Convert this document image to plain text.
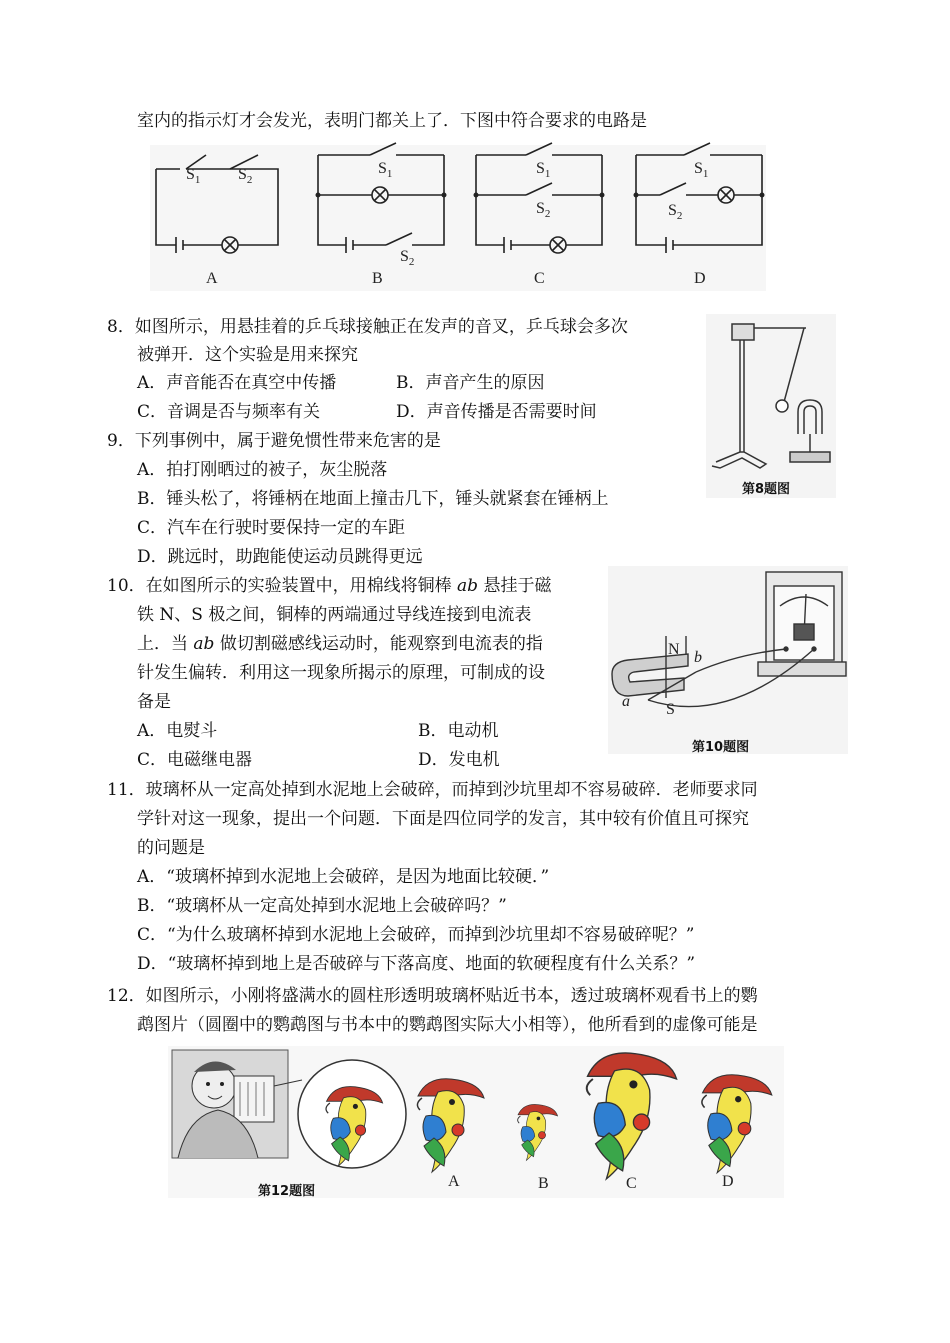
室内的指示灯才会发光，表明门都关上了．下图中符合要求的电路是
$S_1$ $S_2$
$S_1$
$S_2$
$S_1$
$S_2$
$S_1$
$S_2$
A	B	C	D
8．如图所示，用悬挂着的乒乓球接触正在发声的音叉，乒乓球会多次
被弹开．这个实验是用来探究
A．声音能否在真空中传播	B．声音产生的原因
C．音调是否与频率有关	D．声音传播是否需要时间
第8题图
9．下列事例中，属于避免惯性带来危害的是
A．拍打刚晒过的被子，灰尘脱落
B．锤头松了，将锤柄在地面上撞击几下，锤头就紧套在锤柄上
C．汽车在行驶时要保持一定的车距
D．跳远时，助跑能使运动员跳得更远
10．在如图所示的实验装置中，用棉线将铜棒 ab 悬挂于磁
铁 N、S 极之间，铜棒的两端通过导线连接到电流表
上．当 ab 做切割磁感线运动时，能观察到电流表的指
针发生偏转．利用这一现象所揭示的原理，可制成的设
备是
A．电熨斗	B．电动机
C．电磁继电器	D．发电机
N
S
a
b
第10题图
11．玻璃杯从一定高处掉到水泥地上会破碎，而掉到沙坑里却不容易破碎．老师要求同
学针对这一现象，提出一个问题．下面是四位同学的发言，其中较有价值且可探究
的问题是
A．“玻璃杯掉到水泥地上会破碎，是因为地面比较硬．”
B．“玻璃杯从一定高处掉到水泥地上会破碎吗？”
C．“为什么玻璃杯掉到水泥地上会破碎，而掉到沙坑里却不容易破碎呢？”
D．“玻璃杯掉到地上是否破碎与下落高度、地面的软硬程度有什么关系？”
12．如图所示，小刚将盛满水的圆柱形透明玻璃杯贴近书本，透过玻璃杯观看书上的鹦
鹉图片（圆圈中的鹦鹉图与书本中的鹦鹉图实际大小相等），他所看到的虚像可能是
A	B	C	D
第12题图
